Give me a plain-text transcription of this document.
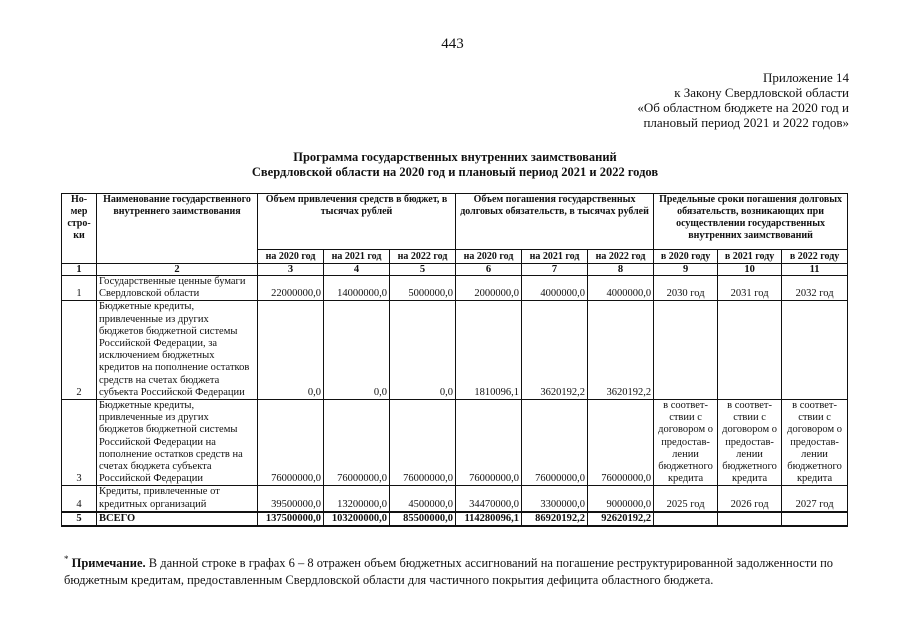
443
Приложение 14
к Закону Свердловской области
«Об областном бюджете на 2020 год и
плановый период 2021 и 2022 годов»
Программа государственных внутренних заимствований
Свердловской области на 2020 год и плановый период 2021 и 2022 годов
Но-мер стро-ки	Наименование государственного внутреннего заимствования	Объем привлечения средств в бюджет, в тысячах рублей			Объем погашения государственных долговых обязательств, в тысячах рублей			Предельные сроки погашения долговых обязательств, возникающих при осуществлении государственных внутренних заимствований		
		на 2020 год	на 2021 год	на 2022 год	на 2020 год	на 2021 год	на 2022 год	в 2020 году	в 2021 году	в 2022 году
1	2	3	4	5	6	7	8	9	10	11
1	Государственные ценные бумаги Свердловской области	22000000,0	14000000,0	5000000,0	2000000,0	4000000,0	4000000,0	2030 год	2031 год	2032 год
2	Бюджетные кредиты, привлеченные из других бюджетов бюджетной системы Российской Федерации, за исключением бюджетных кредитов на пополнение остатков средств на счетах бюджета субъекта Российской Федерации	0,0	0,0	0,0	1810096,1	3620192,2	3620192,2			
3	Бюджетные кредиты, привлеченные из других бюджетов бюджетной системы Российской Федерации на пополнение остатков средств на счетах бюджета субъекта Российской Федерации	76000000,0	76000000,0	76000000,0	76000000,0	76000000,0	76000000,0	в соответ-ствии с договором о предостав-лении бюджетного кредита	в соответ-ствии с договором о предостав-лении бюджетного кредита	в соответ-ствии с договором о предостав-лении бюджетного кредита
4	Кредиты, привлеченные от кредитных организаций	39500000,0	13200000,0	4500000,0	34470000,0	3300000,0	9000000,0	2025 год	2026 год	2027 год
5	ВСЕГО	137500000,0	103200000,0	85500000,0	114280096,1	86920192,2	92620192,2			
* Примечание. В данной строке в графах 6 – 8 отражен объем бюджетных ассигнований на погашение реструктурированной задолженности по бюджетным кредитам, предоставленным Свердловской области для частичного покрытия дефицита областного бюджета.
